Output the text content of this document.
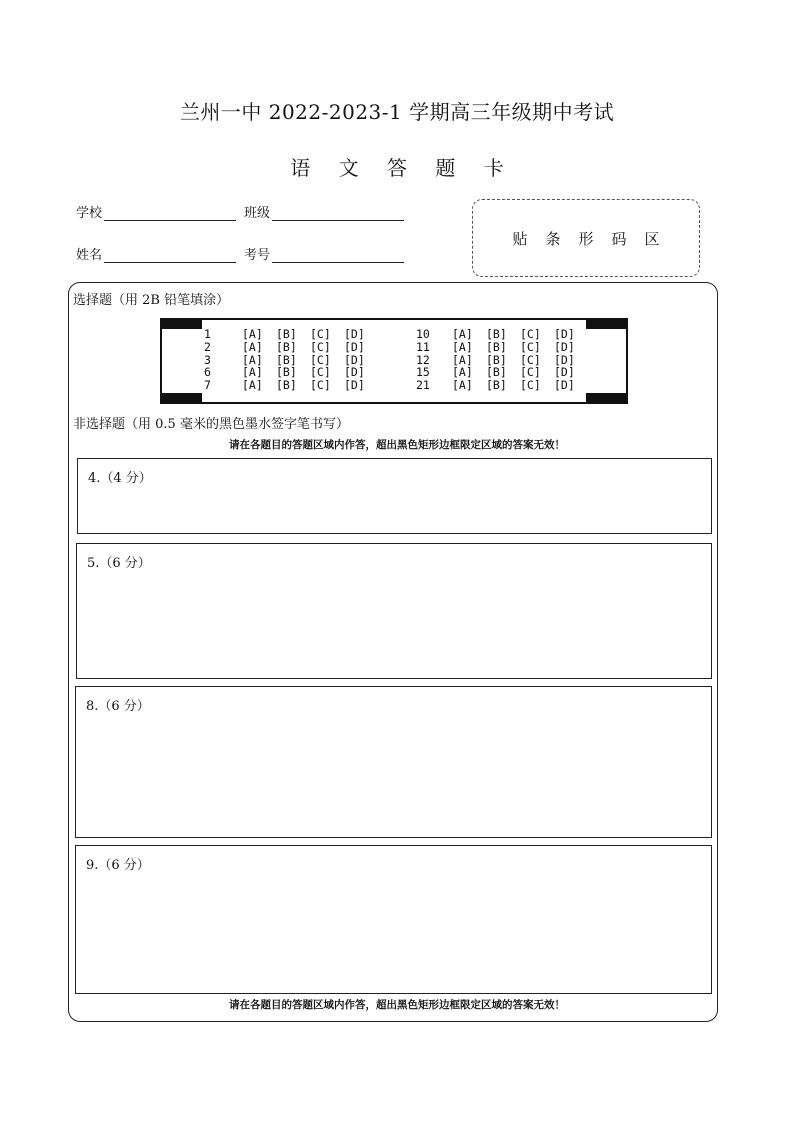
兰州一中 2022-2023-1 学期高三年级期中考试
语 文 答 题 卡
学校	班级
姓名	考号
贴 条 形 码 区
选择题（用 2B 铅笔填涂）
1	[A] [B] [C] [D]	10	[A] [B] [C] [D]
2	[A] [B] [C] [D]	11	[A] [B] [C] [D]
3	[A] [B] [C] [D]	12	[A] [B] [C] [D]
6	[A] [B] [C] [D]	15	[A] [B] [C] [D]
7	[A] [B] [C] [D]	21	[A] [B] [C] [D]
非选择题（用 0.5 毫米的黑色墨水签字笔书写）
请在各题目的答题区域内作答，超出黑色矩形边框限定区域的答案无效！
4.（4 分）
5.（6 分）
8.（6 分）
9.（6 分）
请在各题目的答题区域内作答，超出黑色矩形边框限定区域的答案无效！
